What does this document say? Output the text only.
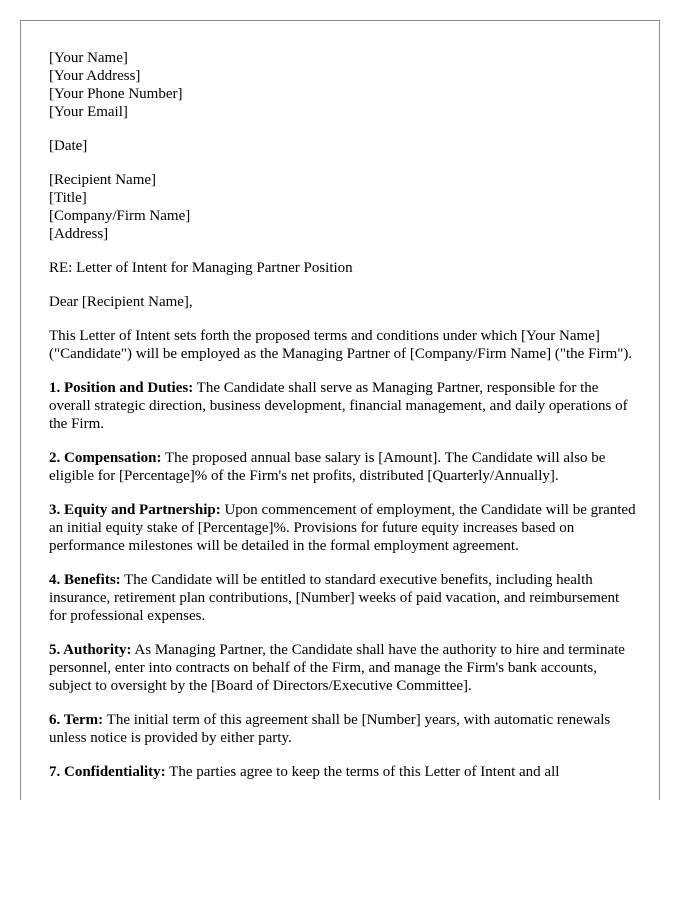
[Your Name]
[Your Address]
[Your Phone Number]
[Your Email]
[Date]
[Recipient Name]
[Title]
[Company/Firm Name]
[Address]

RE: Letter of Intent for Managing Partner Position

Dear [Recipient Name],

This Letter of Intent sets forth the proposed terms and conditions under which [Your Name] ("Candidate") will be employed as the Managing Partner of [Company/Firm Name] ("the Firm").

1. Position and Duties: The Candidate shall serve as Managing Partner, responsible for the overall strategic direction, business development, financial management, and daily operations of the Firm.

2. Compensation: The proposed annual base salary is [Amount]. The Candidate will also be eligible for [Percentage]% of the Firm's net profits, distributed [Quarterly/Annually].

3. Equity and Partnership: Upon commencement of employment, the Candidate will be granted an initial equity stake of [Percentage]%. Provisions for future equity increases based on performance milestones will be detailed in the formal employment agreement.

4. Benefits: The Candidate will be entitled to standard executive benefits, including health insurance, retirement plan contributions, [Number] weeks of paid vacation, and reimbursement for professional expenses.

5. Authority: As Managing Partner, the Candidate shall have the authority to hire and terminate personnel, enter into contracts on behalf of the Firm, and manage the Firm's bank accounts, subject to oversight by the [Board of Directors/Executive Committee].

6. Term: The initial term of this agreement shall be [Number] years, with automatic renewals unless notice is provided by either party.

7. Confidentiality: The parties agree to keep the terms of this Letter of Intent and all
